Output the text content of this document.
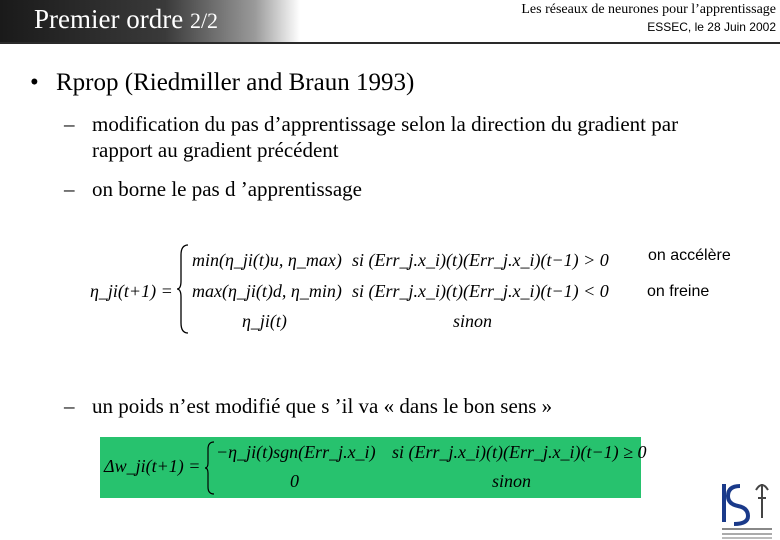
Premier ordre 2/2	Les réseaux de neurones pour l’apprentissage
ESSEC, le 28 Juin 2002
• Rprop (Riedmiller and Braun 1993)
– modification du pas d’apprentissage selon la direction du gradient par rapport au gradient précédent
– on borne le pas d ’apprentissage
η_ji(t+1) =
min(η_ji(t)u, η_max) si (Err_j.x_i)(t)(Err_j.x_i)(t−1) > 0
max(η_ji(t)d, η_min) si (Err_j.x_i)(t)(Err_j.x_i)(t−1) < 0
η_ji(t)	sinon
on accélère
on freine
– un poids n’est modifié que s ’il va « dans le bon sens »
Δw_ji(t+1) =
−η_ji(t)sgn(Err_j.x_i) si (Err_j.x_i)(t)(Err_j.x_i)(t−1) ≥ 0
0	sinon
